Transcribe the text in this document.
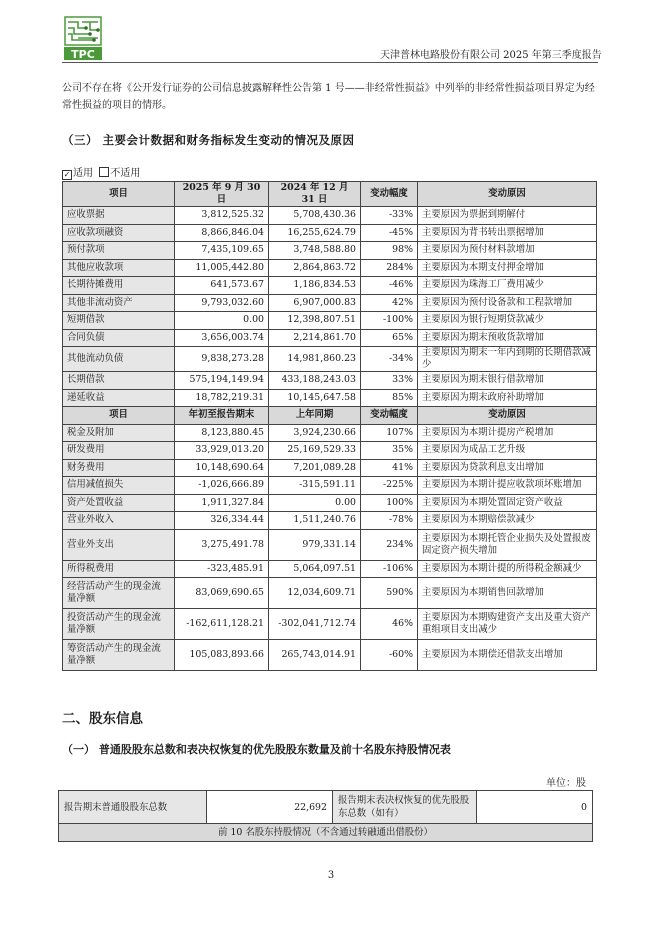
TPC	天津普林电路股份有限公司 2025 年第三季度报告
公司不存在将《公开发行证券的公司信息披露解释性公告第 1 号——非经常性损益》中列举的非经常性损益项目界定为经常性损益的项目的情形。
（三） 主要会计数据和财务指标发生变动的情况及原因
✓ 适用 不适用
项目	2025 年 9 月 30 日	2024 年 12 月 31 日	变动幅度	变动原因
应收票据	3,812,525.32	5,708,430.36	-33%	主要原因为票据到期解付
应收款项融资	8,866,846.04	16,255,624.79	-45%	主要原因为背书转出票据增加
预付款项	7,435,109.65	3,748,588.80	98%	主要原因为预付材料款增加
其他应收款项	11,005,442.80	2,864,863.72	284%	主要原因为本期支付押金增加
长期待摊费用	641,573.67	1,186,834.53	-46%	主要原因为珠海工厂费用减少
其他非流动资产	9,793,032.60	6,907,000.83	42%	主要原因为预付设备款和工程款增加
短期借款	0.00	12,398,807.51	-100%	主要原因为银行短期贷款减少
合同负债	3,656,003.74	2,214,861.70	65%	主要原因为期末预收货款增加
其他流动负债	9,838,273.28	14,981,860.23	-34%	主要原因为期末一年内到期的长期借款减少
长期借款	575,194,149.94	433,188,243.03	33%	主要原因为期末银行借款增加
递延收益	18,782,219.31	10,145,647.58	85%	主要原因为期末政府补助增加
项目	年初至报告期末	上年同期	变动幅度	变动原因
税金及附加	8,123,880.45	3,924,230.66	107%	主要原因为本期计提房产税增加
研发费用	33,929,013.20	25,169,529.33	35%	主要原因为成品工艺升级
财务费用	10,148,690.64	7,201,089.28	41%	主要原因为贷款利息支出增加
信用减值损失	-1,026,666.89	-315,591.11	-225%	主要原因为本期计提应收款项坏账增加
资产处置收益	1,911,327.84	0.00	100%	主要原因为本期处置固定资产收益
营业外收入	326,334.44	1,511,240.76	-78%	主要原因为本期赔偿款减少
营业外支出	3,275,491.78	979,331.14	234%	主要原因为本期托管企业损失及处置报废固定资产损失增加
所得税费用	-323,485.91	5,064,097.51	-106%	主要原因为本期计提的所得税金额减少
经营活动产生的现金流量净额	83,069,690.65	12,034,609.71	590%	主要原因为本期销售回款增加
投资活动产生的现金流量净额	-162,611,128.21	-302,041,712.74	46%	主要原因为本期购建资产支出及重大资产重组项目支出减少
筹资活动产生的现金流量净额	105,083,893.66	265,743,014.91	-60%	主要原因为本期偿还借款支出增加
二、股东信息
（一） 普通股股东总数和表决权恢复的优先股股东数量及前十名股东持股情况表
单位：股
报告期末普通股股东总数	22,692	报告期末表决权恢复的优先股股东总数（如有）	0
前 10 名股东持股情况（不含通过转融通出借股份）
3
